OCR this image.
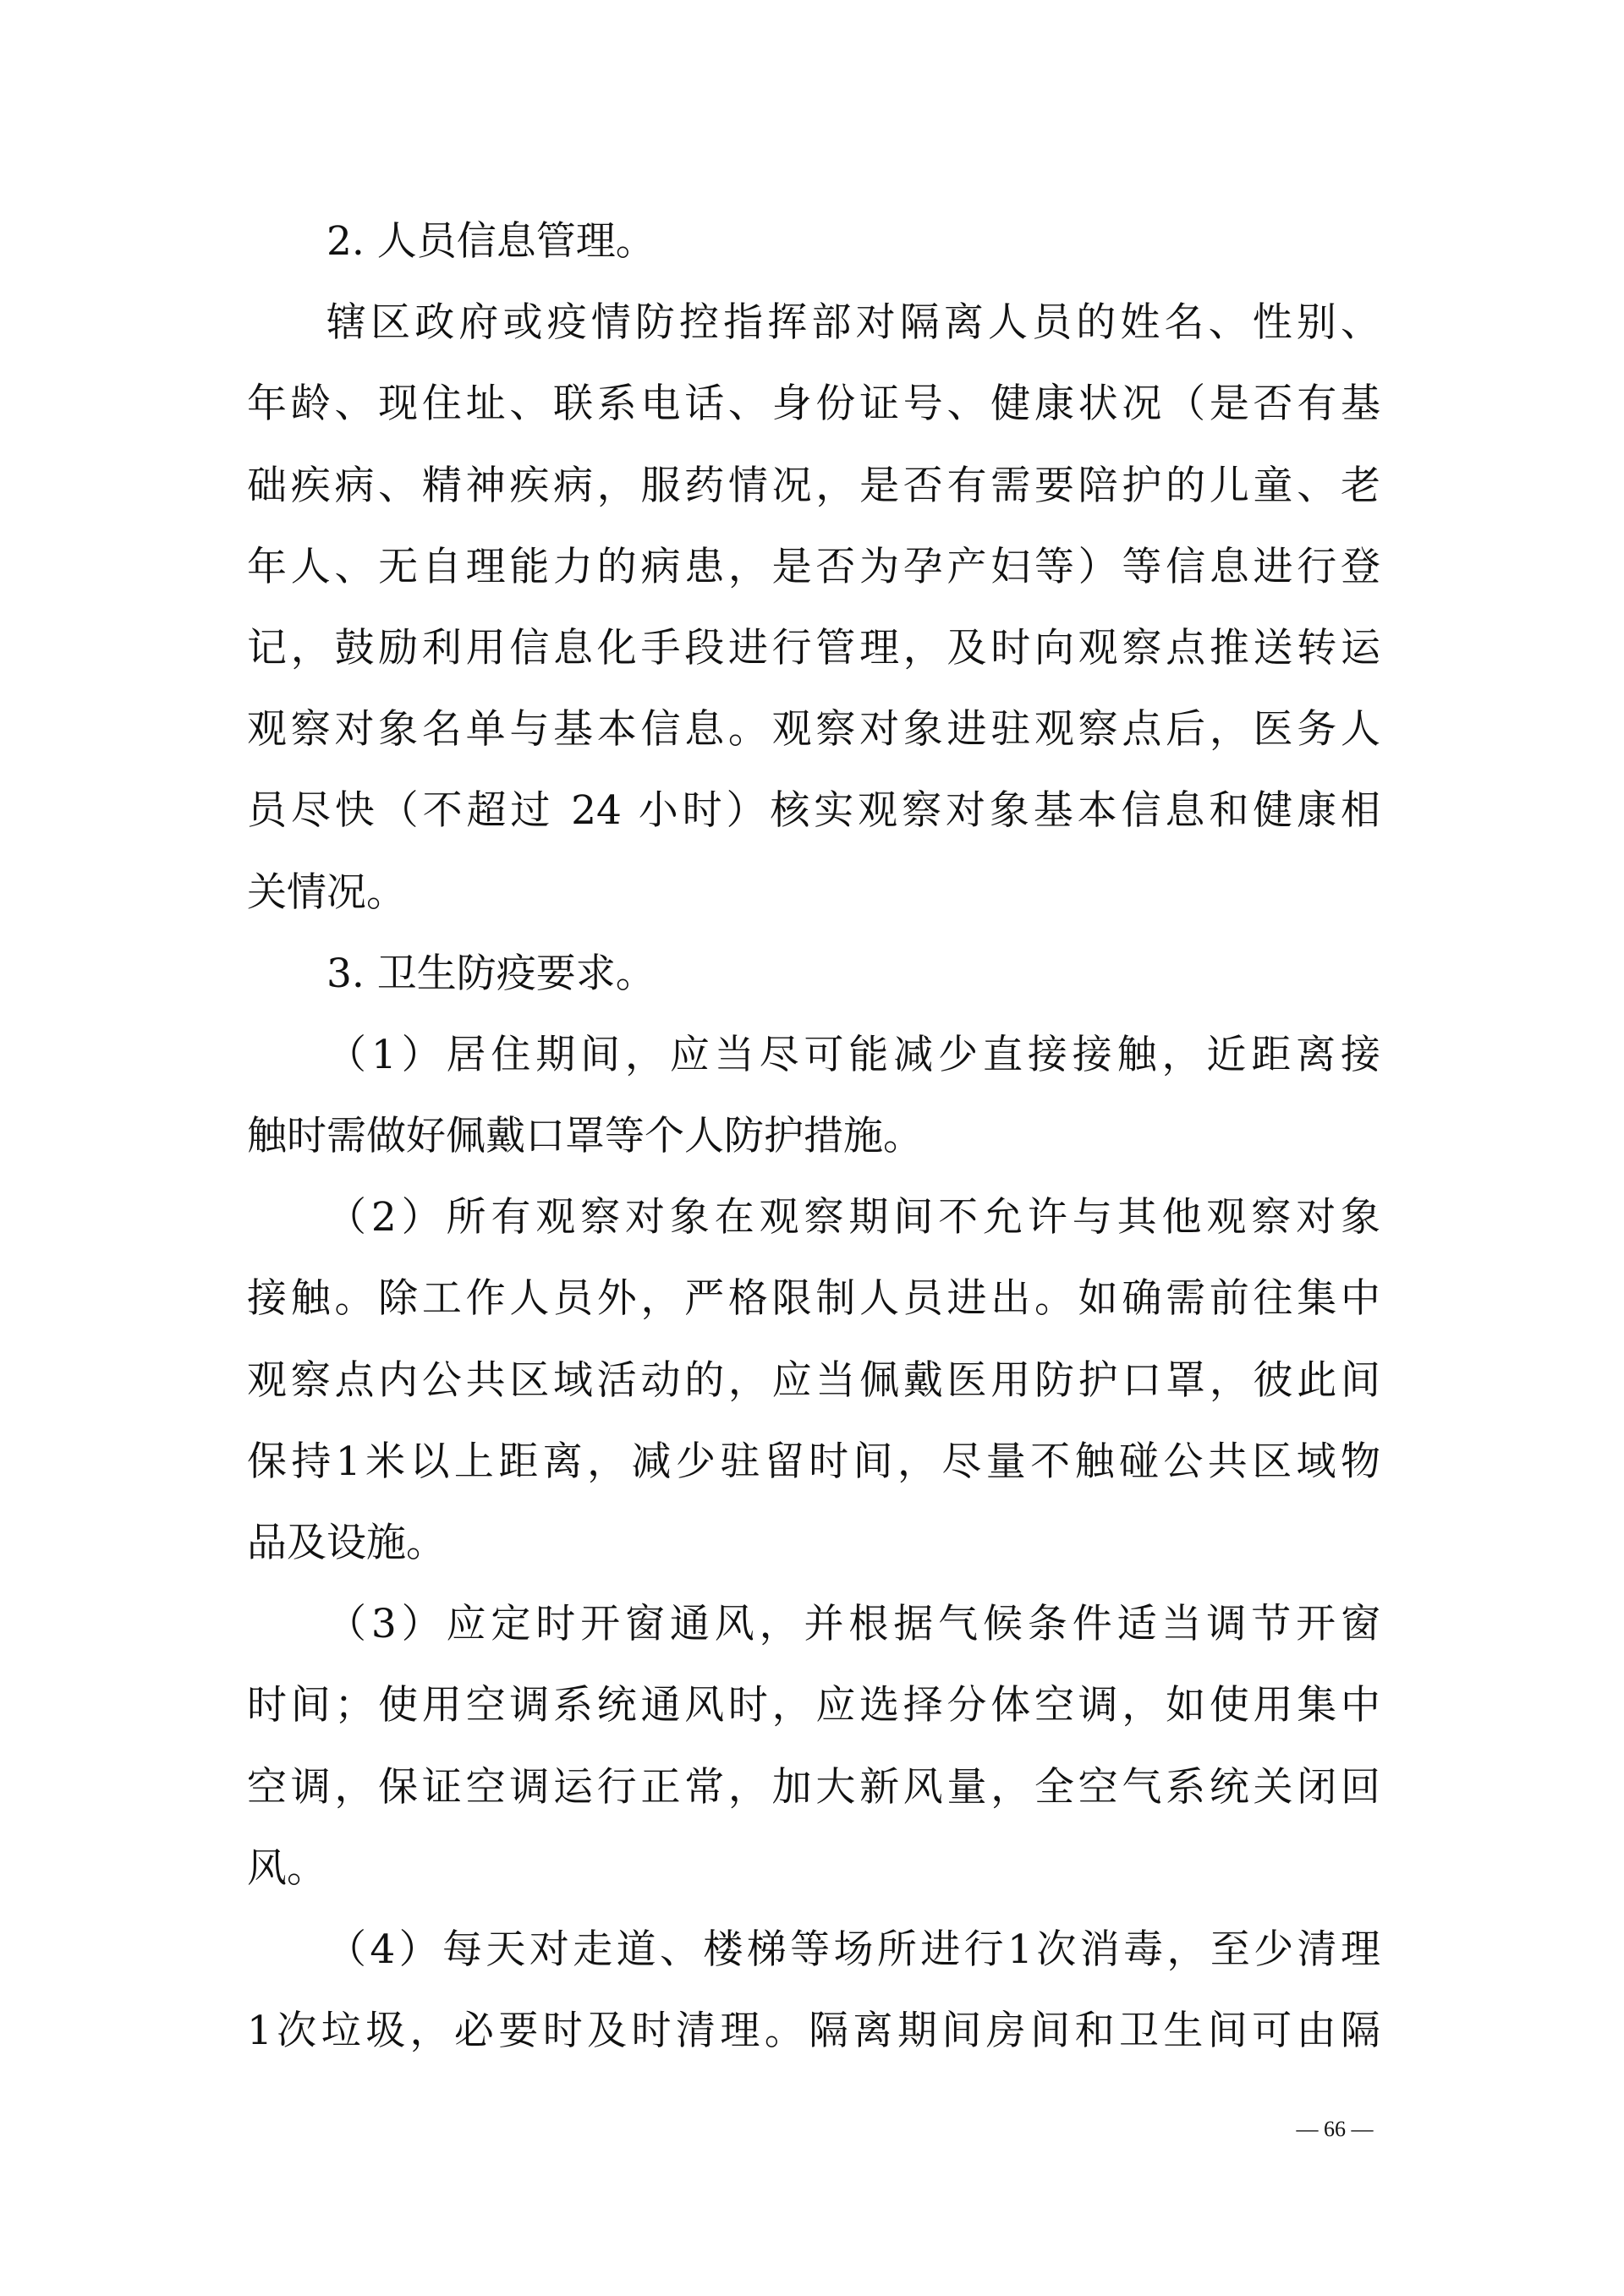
2. 人员信息管理。
辖区政府或疫情防控指挥部对隔离人员的姓名、性别、
年龄、现住址、联系电话、身份证号、健康状况（是否有基
础疾病、精神疾病，服药情况，是否有需要陪护的儿童、老
年人、无自理能力的病患，是否为孕产妇等）等信息进行登
记，鼓励利用信息化手段进行管理，及时向观察点推送转运
观察对象名单与基本信息。观察对象进驻观察点后，医务人
员尽快（不超过 24 小时）核实观察对象基本信息和健康相
关情况。
3. 卫生防疫要求。
（1）居住期间，应当尽可能减少直接接触，近距离接
触时需做好佩戴口罩等个人防护措施。
（2）所有观察对象在观察期间不允许与其他观察对象
接触。除工作人员外，严格限制人员进出。如确需前往集中
观察点内公共区域活动的，应当佩戴医用防护口罩，彼此间
保持1米以上距离，减少驻留时间，尽量不触碰公共区域物
品及设施。
（3）应定时开窗通风，并根据气候条件适当调节开窗
时间；使用空调系统通风时，应选择分体空调，如使用集中
空调，保证空调运行正常，加大新风量，全空气系统关闭回
风。
（4）每天对走道、楼梯等场所进行1次消毒，至少清理
1次垃圾，必要时及时清理。隔离期间房间和卫生间可由隔
— 66 —
